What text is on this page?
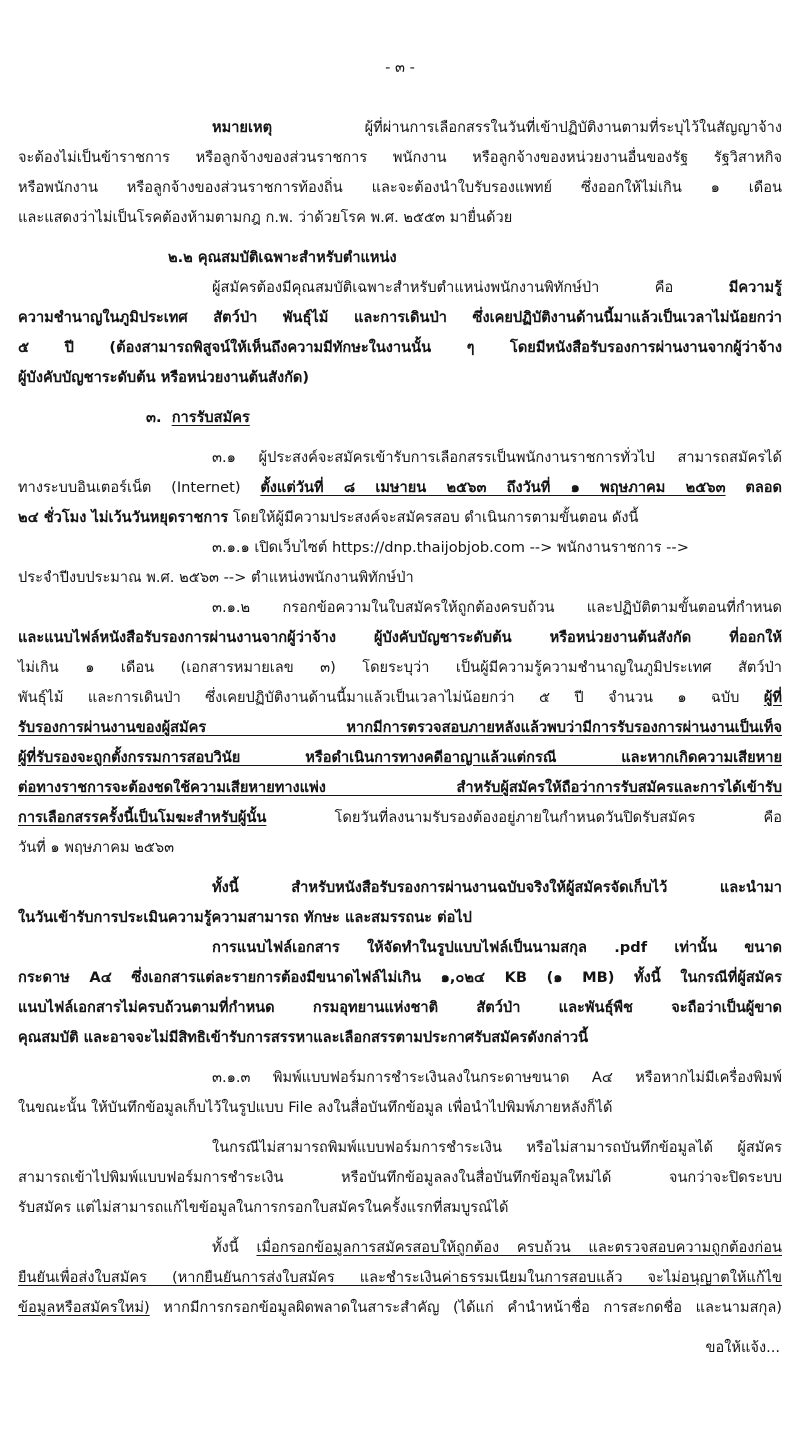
- ๓ -
หมายเหตุ	ผู้ที่ผ่านการเลือกสรรในวันที่เข้าปฏิบัติงานตามที่ระบุไว้ในสัญญาจ้าง
จะต้องไม่เป็นข้าราชการ หรือลูกจ้างของส่วนราชการ พนักงาน หรือลูกจ้างของหน่วยงานอื่นของรัฐ รัฐวิสาหกิจ
หรือพนักงาน หรือลูกจ้างของส่วนราชการท้องถิ่น และจะต้องนำใบรับรองแพทย์ ซึ่งออกให้ไม่เกิน ๑ เดือน
และแสดงว่าไม่เป็นโรคต้องห้ามตามกฎ ก.พ. ว่าด้วยโรค พ.ศ. ๒๕๕๓ มายื่นด้วย
๒.๒ คุณสมบัติเฉพาะสำหรับตำแหน่ง
ผู้สมัครต้องมีคุณสมบัติเฉพาะสำหรับตำแหน่งพนักงานพิทักษ์ป่า คือ	มีความรู้
ความชำนาญในภูมิประเทศ สัตว์ป่า พันธุ์ไม้ และการเดินป่า ซึ่งเคยปฏิบัติงานด้านนี้มาแล้วเป็นเวลาไม่น้อยกว่า
๕ ปี (ต้องสามารถพิสูจน์ให้เห็นถึงความมีทักษะในงานนั้น ๆ โดยมีหนังสือรับรองการผ่านงานจากผู้ว่าจ้าง
ผู้บังคับบัญชาระดับต้น หรือหน่วยงานต้นสังกัด)
๓. การรับสมัคร
๓.๑ ผู้ประสงค์จะสมัครเข้ารับการเลือกสรรเป็นพนักงานราชการทั่วไป สามารถสมัครได้
ทางระบบอินเตอร์เน็ต (Internet) ตั้งแต่วันที่ ๘ เมษายน ๒๕๖๓ ถึงวันที่ ๑ พฤษภาคม ๒๕๖๓ ตลอด
๒๔ ชั่วโมง ไม่เว้นวันหยุดราชการ โดยให้ผู้มีความประสงค์จะสมัครสอบ ดำเนินการตามขั้นตอน ดังนี้
๓.๑.๑ เปิดเว็บไซต์ https://dnp.thaijobjob.com --> พนักงานราชการ -->
ประจำปีงบประมาณ พ.ศ. ๒๕๖๓ --> ตำแหน่งพนักงานพิทักษ์ป่า
๓.๑.๒ กรอกข้อความในใบสมัครให้ถูกต้องครบถ้วน และปฏิบัติตามขั้นตอนที่กำหนด
และแนบไฟล์หนังสือรับรองการผ่านงานจากผู้ว่าจ้าง ผู้บังคับบัญชาระดับต้น หรือหน่วยงานต้นสังกัด ที่ออกให้
ไม่เกิน ๑ เดือน (เอกสารหมายเลข ๓) โดยระบุว่า เป็นผู้มีความรู้ความชำนาญในภูมิประเทศ สัตว์ป่า
พันธุ์ไม้ และการเดินป่า ซึ่งเคยปฏิบัติงานด้านนี้มาแล้วเป็นเวลาไม่น้อยกว่า ๕ ปี จำนวน ๑ ฉบับ ผู้ที่
รับรองการผ่านงานของผู้สมัคร หากมีการตรวจสอบภายหลังแล้วพบว่ามีการรับรองการผ่านงานเป็นเท็จ
ผู้ที่รับรองจะถูกตั้งกรรมการสอบวินัย หรือดำเนินการทางคดีอาญาแล้วแต่กรณี และหากเกิดความเสียหาย
ต่อทางราชการจะต้องชดใช้ความเสียหายทางแพ่ง สำหรับผู้สมัครให้ถือว่าการรับสมัครและการได้เข้ารับ
การเลือกสรรครั้งนี้เป็นโมฆะสำหรับผู้นั้น	โดยวันที่ลงนามรับรองต้องอยู่ภายในกำหนดวันปิดรับสมัคร คือ
วันที่ ๑ พฤษภาคม ๒๕๖๓
ทั้งนี้ สำหรับหนังสือรับรองการผ่านงานฉบับจริงให้ผู้สมัครจัดเก็บไว้ และนำมา
ในวันเข้ารับการประเมินความรู้ความสามารถ ทักษะ และสมรรถนะ ต่อไป
การแนบไฟล์เอกสาร ให้จัดทำในรูปแบบไฟล์เป็นนามสกุล .pdf เท่านั้น ขนาด
กระดาษ A๔ ซึ่งเอกสารแต่ละรายการต้องมีขนาดไฟล์ไม่เกิน ๑,๐๒๔ KB (๑ MB) ทั้งนี้ ในกรณีที่ผู้สมัคร
แนบไฟล์เอกสารไม่ครบถ้วนตามที่กำหนด กรมอุทยานแห่งชาติ สัตว์ป่า และพันธุ์พืช จะถือว่าเป็นผู้ขาด
คุณสมบัติ และอาจจะไม่มีสิทธิเข้ารับการสรรหาและเลือกสรรตามประกาศรับสมัครดังกล่าวนี้
๓.๑.๓ พิมพ์แบบฟอร์มการชำระเงินลงในกระดาษขนาด A๔ หรือหากไม่มีเครื่องพิมพ์
ในขณะนั้น ให้บันทึกข้อมูลเก็บไว้ในรูปแบบ File ลงในสื่อบันทึกข้อมูล เพื่อนำไปพิมพ์ภายหลังก็ได้
ในกรณีไม่สามารถพิมพ์แบบฟอร์มการชำระเงิน หรือไม่สามารถบันทึกข้อมูลได้ ผู้สมัคร
สามารถเข้าไปพิมพ์แบบฟอร์มการชำระเงิน หรือบันทึกข้อมูลลงในสื่อบันทึกข้อมูลใหม่ได้ จนกว่าจะปิดระบบ
รับสมัคร แต่ไม่สามารถแก้ไขข้อมูลในการกรอกใบสมัครในครั้งแรกที่สมบูรณ์ได้
ทั้งนี้ เมื่อกรอกข้อมูลการสมัครสอบให้ถูกต้อง ครบถ้วน และตรวจสอบความถูกต้องก่อน
ยืนยันเพื่อส่งใบสมัคร (หากยืนยันการส่งใบสมัคร และชำระเงินค่าธรรมเนียมในการสอบแล้ว จะไม่อนุญาตให้แก้ไข
ข้อมูลหรือสมัครใหม่) หากมีการกรอกข้อมูลผิดพลาดในสาระสำคัญ (ได้แก่ คำนำหน้าชื่อ การสะกดชื่อ และนามสกุล)
ขอให้แจ้ง...
